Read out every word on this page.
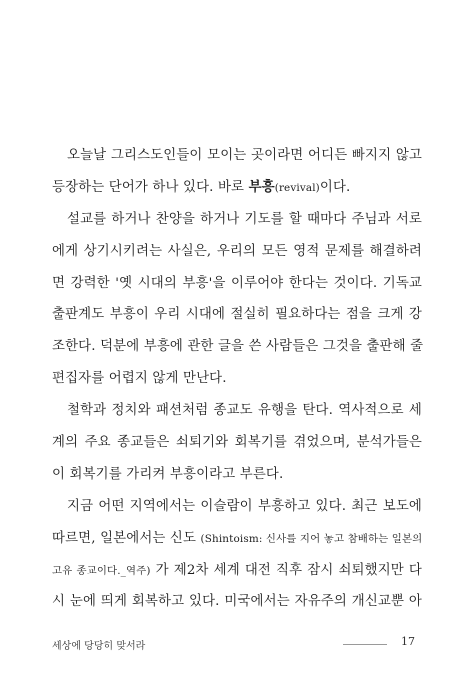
오늘날 그리스도인들이 모이는 곳이라면 어디든 빠지지 않고
등장하는 단어가 하나 있다. 바로 부흥(revival)이다.
설교를 하거나 찬양을 하거나 기도를 할 때마다 주님과 서로
에게 상기시키려는 사실은, 우리의 모든 영적 문제를 해결하려
면 강력한 '옛 시대의 부흥'을 이루어야 한다는 것이다. 기독교
출판계도 부흥이 우리 시대에 절실히 필요하다는 점을 크게 강
조한다. 덕분에 부흥에 관한 글을 쓴 사람들은 그것을 출판해 줄
편집자를 어렵지 않게 만난다.
철학과 정치와 패션처럼 종교도 유행을 탄다. 역사적으로 세
계의 주요 종교들은 쇠퇴기와 회복기를 겪었으며, 분석가들은
이 회복기를 가리켜 부흥이라고 부른다.
지금 어떤 지역에서는 이슬람이 부흥하고 있다. 최근 보도에
따르면, 일본에서는 신도 (Shintoism: 신사를 지어 놓고 참배하는 일본의
고유 종교이다._역주) 가 제2차 세계 대전 직후 잠시 쇠퇴했지만 다
시 눈에 띄게 회복하고 있다. 미국에서는 자유주의 개신교뿐 아
세상에 당당히 맞서라	17
